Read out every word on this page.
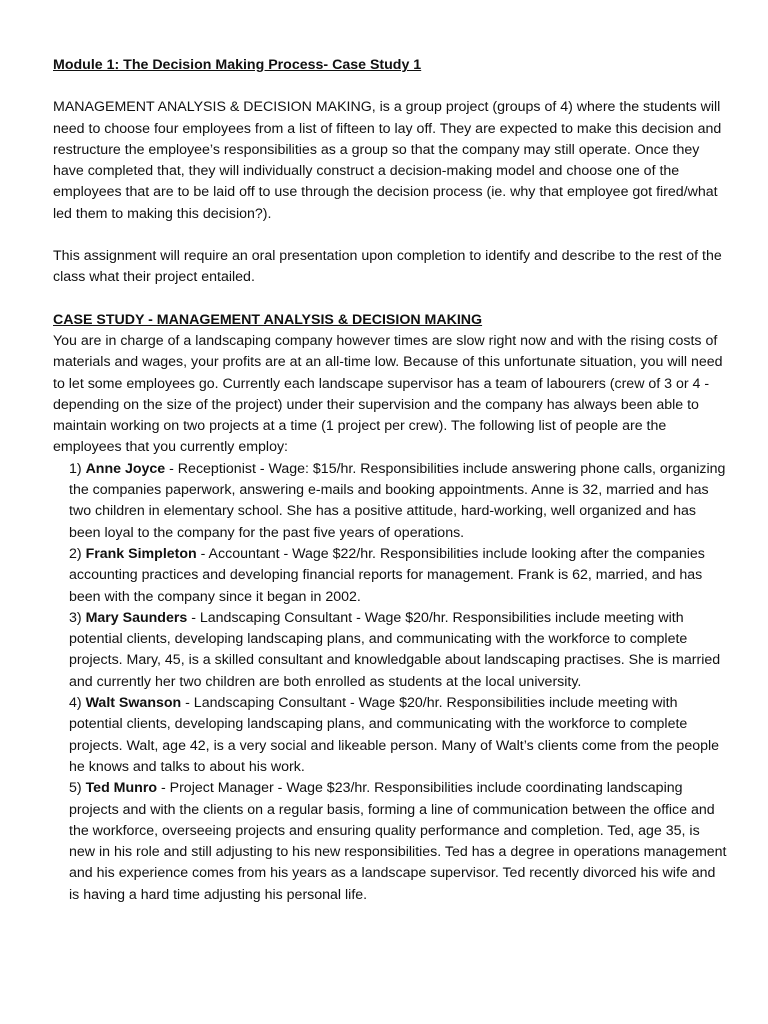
Module 1: The Decision Making Process- Case Study 1

MANAGEMENT ANALYSIS & DECISION MAKING, is a group project (groups of 4) where the students will need to choose four employees from a list of fifteen to lay off. They are expected to make this decision and restructure the employee’s responsibilities as a group so that the company may still operate. Once they have completed that, they will individually construct a decision-making model and choose one of the employees that are to be laid off to use through the decision process (ie. why that employee got fired/what led them to making this decision?).

This assignment will require an oral presentation upon completion to identify and describe to the rest of the class what their project entailed.

CASE STUDY - MANAGEMENT ANALYSIS & DECISION MAKING

You are in charge of a landscaping company however times are slow right now and with the rising costs of materials and wages, your profits are at an all-time low. Because of this unfortunate situation, you will need to let some employees go. Currently each landscape supervisor has a team of labourers (crew of 3 or 4 - depending on the size of the project) under their supervision and the company has always been able to maintain working on two projects at a time (1 project per crew). The following list of people are the employees that you currently employ:

1) Anne Joyce - Receptionist - Wage: $15/hr. Responsibilities include answering phone calls, organizing the companies paperwork, answering e-mails and booking appointments. Anne is 32, married and has two children in elementary school. She has a positive attitude, hard-working, well organized and has been loyal to the company for the past five years of operations.
2) Frank Simpleton - Accountant - Wage $22/hr. Responsibilities include looking after the companies accounting practices and developing financial reports for management. Frank is 62, married, and has been with the company since it began in 2002.
3) Mary Saunders - Landscaping Consultant - Wage $20/hr. Responsibilities include meeting with potential clients, developing landscaping plans, and communicating with the workforce to complete projects. Mary, 45, is a skilled consultant and knowledgable about landscaping practises. She is married and currently her two children are both enrolled as students at the local university.
4) Walt Swanson - Landscaping Consultant - Wage $20/hr. Responsibilities include meeting with potential clients, developing landscaping plans, and communicating with the workforce to complete projects. Walt, age 42, is a very social and likeable person. Many of Walt’s clients come from the people he knows and talks to about his work.
5) Ted Munro - Project Manager - Wage $23/hr. Responsibilities include coordinating landscaping projects and with the clients on a regular basis, forming a line of communication between the office and the workforce, overseeing projects and ensuring quality performance and completion. Ted, age 35, is new in his role and still adjusting to his new responsibilities. Ted has a degree in operations management and his experience comes from his years as a landscape supervisor. Ted recently divorced his wife and is having a hard time adjusting his personal life.
